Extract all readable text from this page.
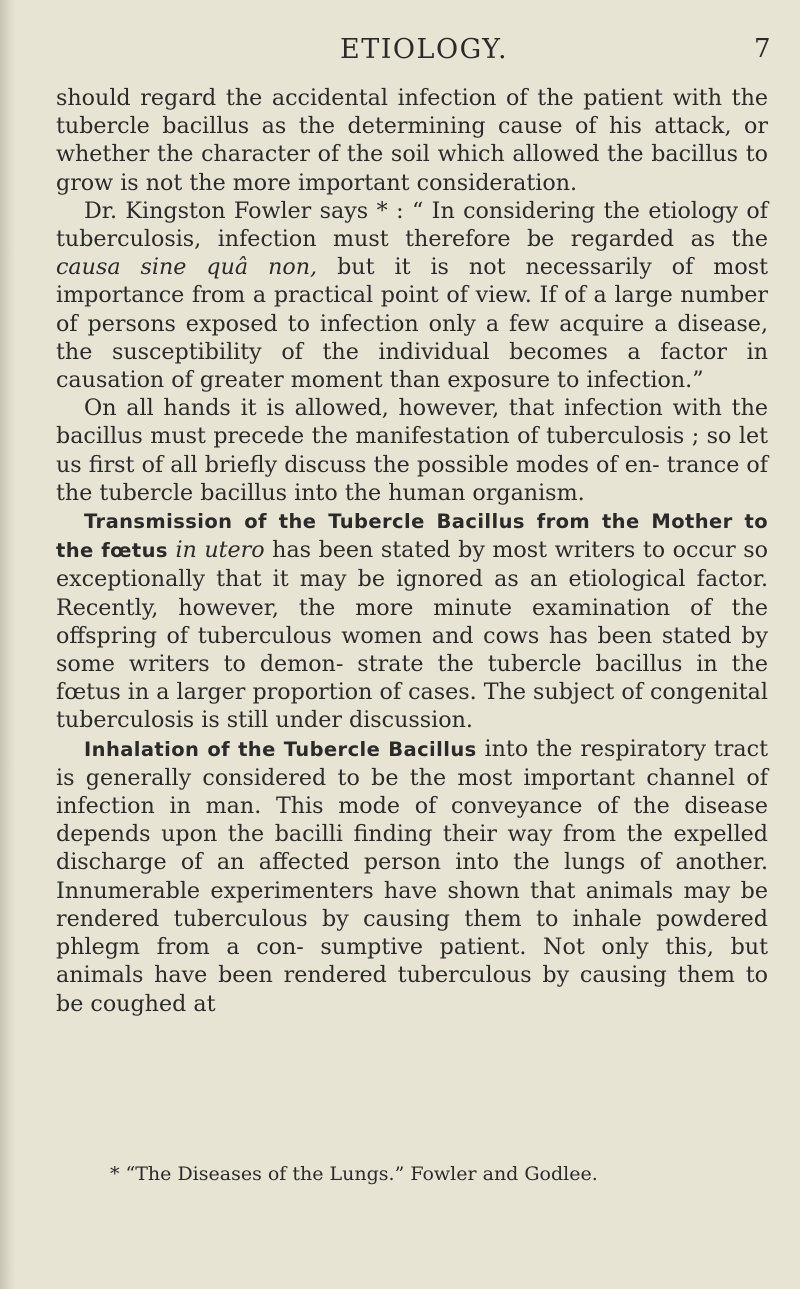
ETIOLOGY.	7

should regard the accidental infection of the patient with the tubercle bacillus as the determining cause of his attack, or whether the character of the soil which allowed the bacillus to grow is not the more important consideration.

Dr. Kingston Fowler says * : “ In considering the etiology of tuberculosis, infection must therefore be regarded as the causa sine quâ non, but it is not necessarily of most importance from a practical point of view. If of a large number of persons exposed to infection only a few acquire a disease, the susceptibility of the individual becomes a factor in causation of greater moment than exposure to infection.”

On all hands it is allowed, however, that infection with the bacillus must precede the manifestation of tuberculosis ; so let us first of all briefly discuss the possible modes of en- trance of the tubercle bacillus into the human organism.

Transmission of the Tubercle Bacillus from the Mother to the fœtus in utero has been stated by most writers to occur so exceptionally that it may be ignored as an etiological factor. Recently, however, the more minute examination of the offspring of tuberculous women and cows has been stated by some writers to demon- strate the tubercle bacillus in the fœtus in a larger proportion of cases. The subject of congenital tuberculosis is still under discussion.

Inhalation of the Tubercle Bacillus into the respiratory tract is generally considered to be the most important channel of infection in man. This mode of conveyance of the disease depends upon the bacilli finding their way from the expelled discharge of an affected person into the lungs of another. Innumerable experimenters have shown that animals may be rendered tuberculous by causing them to inhale powdered phlegm from a con- sumptive patient. Not only this, but animals have been rendered tuberculous by causing them to be coughed at

* “The Diseases of the Lungs.” Fowler and Godlee.
